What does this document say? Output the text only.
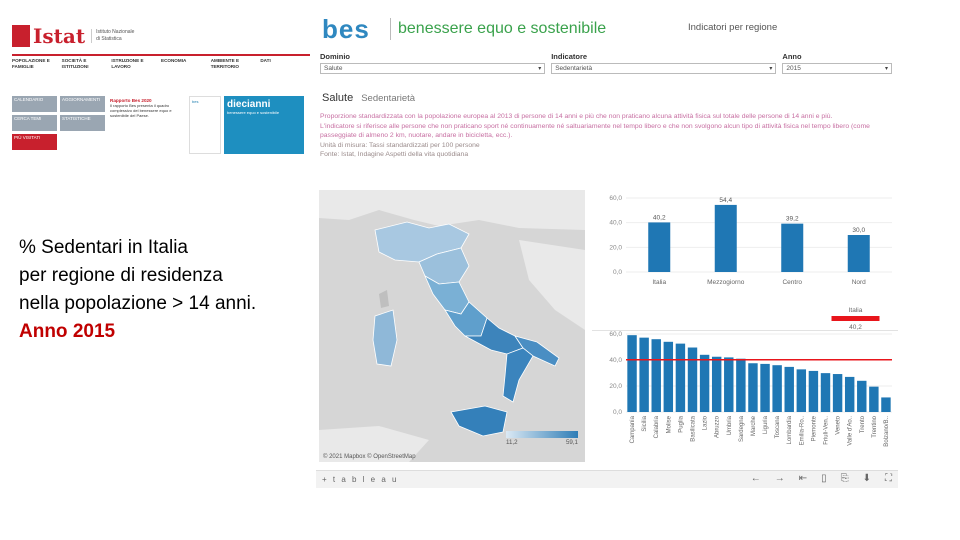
Istat Istituto Nazionale
di Statistica
POPOLAZIONE E FAMIGLIE
SOCIETÀ E ISTITUZIONI
ISTRUZIONE E LAVORO
ECONOMIA	AMBIENTE E TERRITORIO
DATI
CALENDARIO
CERCA TEMI
PIÙ VISITATI
AGGIORNAMENTI
STATISTICHE
Rapporto Bes 2020
Il rapporto Bes presenta il quadro complessivo del benessere equo e sostenibile del Paese.
bes	diecianni
benessere equo e sostenibile
% Sedentari in Italia
per regione di residenza
nella popolazione > 14 anni.
Anno 2015
bes benessere equo e sostenibile	Indicatori per regione
Dominio
Salute	▾
Indicatore
Sedentarietà	▾
Anno
2015	▾
Salute Sedentarietà
Proporzione standardizzata con la popolazione europea al 2013 di persone di 14 anni e più che non praticano alcuna attività fisica sul totale delle persone di 14 anni e più.
L'indicatore si riferisce alle persone che non praticano sport né continuamente né saltuariamente nel tempo libero e che non svolgono alcun tipo di attività fisica nel tempo libero (come passeggiate di almeno 2 km, nuotare, andare in bicicletta, ecc.).
Unità di misura: Tassi standardizzati per 100 persone
Fonte: Istat, Indagine Aspetti della vita quotidiana
© 2021 Mapbox © OpenStreetMap
11,2	59,1
0,0
20,0
40,0
60,0
40,2
Italia
54,4
Mezzogiorno
39,2
Centro
30,0
Nord
Italia
40,2
0,0
20,0
40,0
60,0
Campania Sicilia Calabria Molise Puglia Basilicata Lazio Abruzzo Umbria Sardegna Marche Liguria Toscana Lombardia Emilia-Ro.. Piemonte Friuli-Ven.. Veneto Valle d'Ao.. Trento Trentino Bolzano/B..
+ t a b l e a u	← → ⇤ ▯ ⎘ ⬇ ⛶
